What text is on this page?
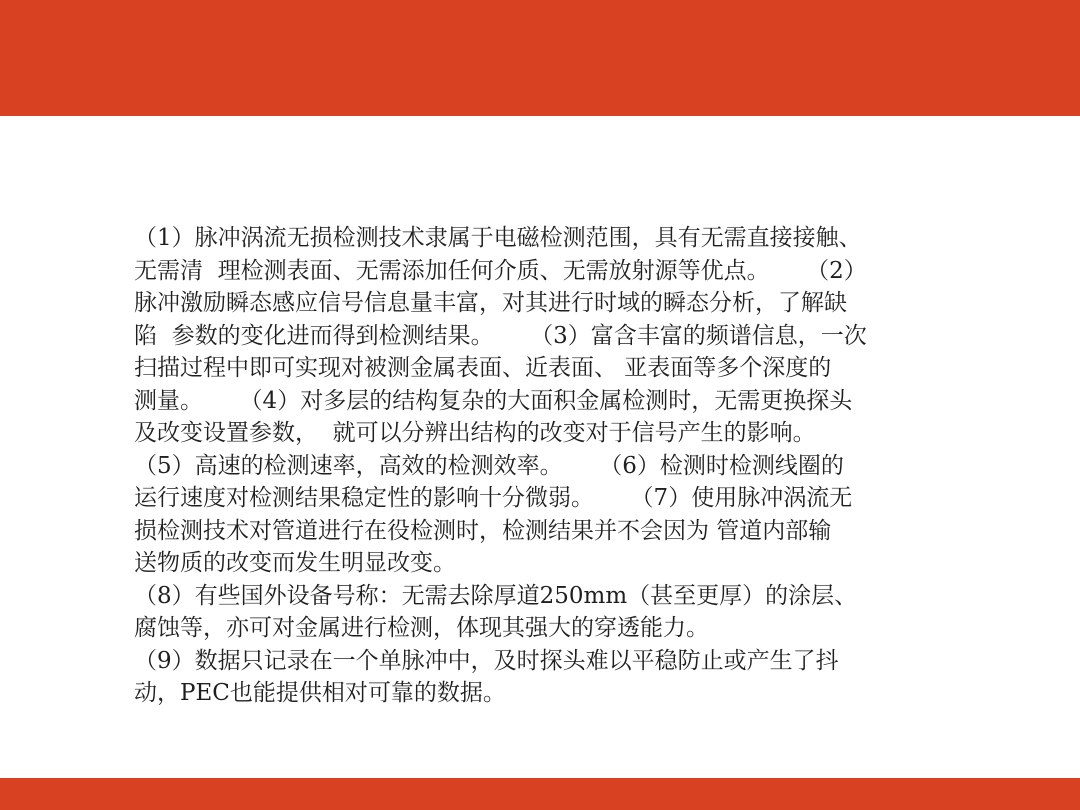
（1）脉冲涡流无损检测技术隶属于电磁检测范围，具有无需直接接触、
无需清  理检测表面、无需添加任何介质、无需放射源等优点。     （2）
脉冲激励瞬态感应信号信息量丰富，对其进行时域的瞬态分析，了解缺
陷  参数的变化进而得到检测结果。     （3）富含丰富的频谱信息，一次
扫描过程中即可实现对被测金属表面、近表面、 亚表面等多个深度的
测量。     （4）对多层的结构复杂的大面积金属检测时，无需更换探头
及改变设置参数，  就可以分辨出结构的改变对于信号产生的影响。
（5）高速的检测速率，高效的检测效率。     （6）检测时检测线圈的
运行速度对检测结果稳定性的影响十分微弱。     （7）使用脉冲涡流无
损检测技术对管道进行在役检测时，检测结果并不会因为 管道内部输
送物质的改变而发生明显改变。
（8）有些国外设备号称：无需去除厚道250mm（甚至更厚）的涂层、
腐蚀等，亦可对金属进行检测，体现其强大的穿透能力。
（9）数据只记录在一个单脉冲中，及时探头难以平稳防止或产生了抖
动，PEC也能提供相对可靠的数据。
